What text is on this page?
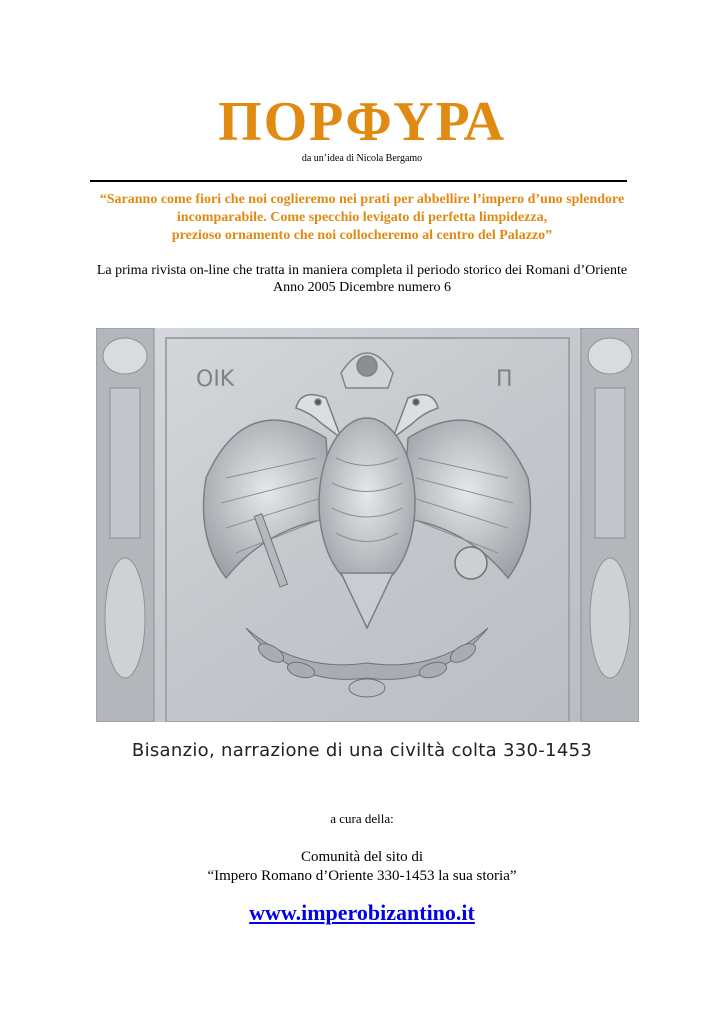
ΠΟΡΦΥΡΑ
da un’idea di Nicola Bergamo
“Saranno come fiori che noi coglieremo nei prati per abbellire l’impero d’uno splendore
incomparabile. Come specchio levigato di perfetta limpidezza,
prezioso ornamento che noi collocheremo al centro del Palazzo”
La prima rivista on-line che tratta in maniera completa il periodo storico dei Romani d’Oriente
Anno 2005 Dicembre numero 6
ΟΙΚ	Π
Bisanzio, narrazione di una civiltà colta 330-1453
a cura della:
Comunità del sito di
“Impero Romano d’Oriente 330-1453 la sua storia”
www.imperobizantino.it
